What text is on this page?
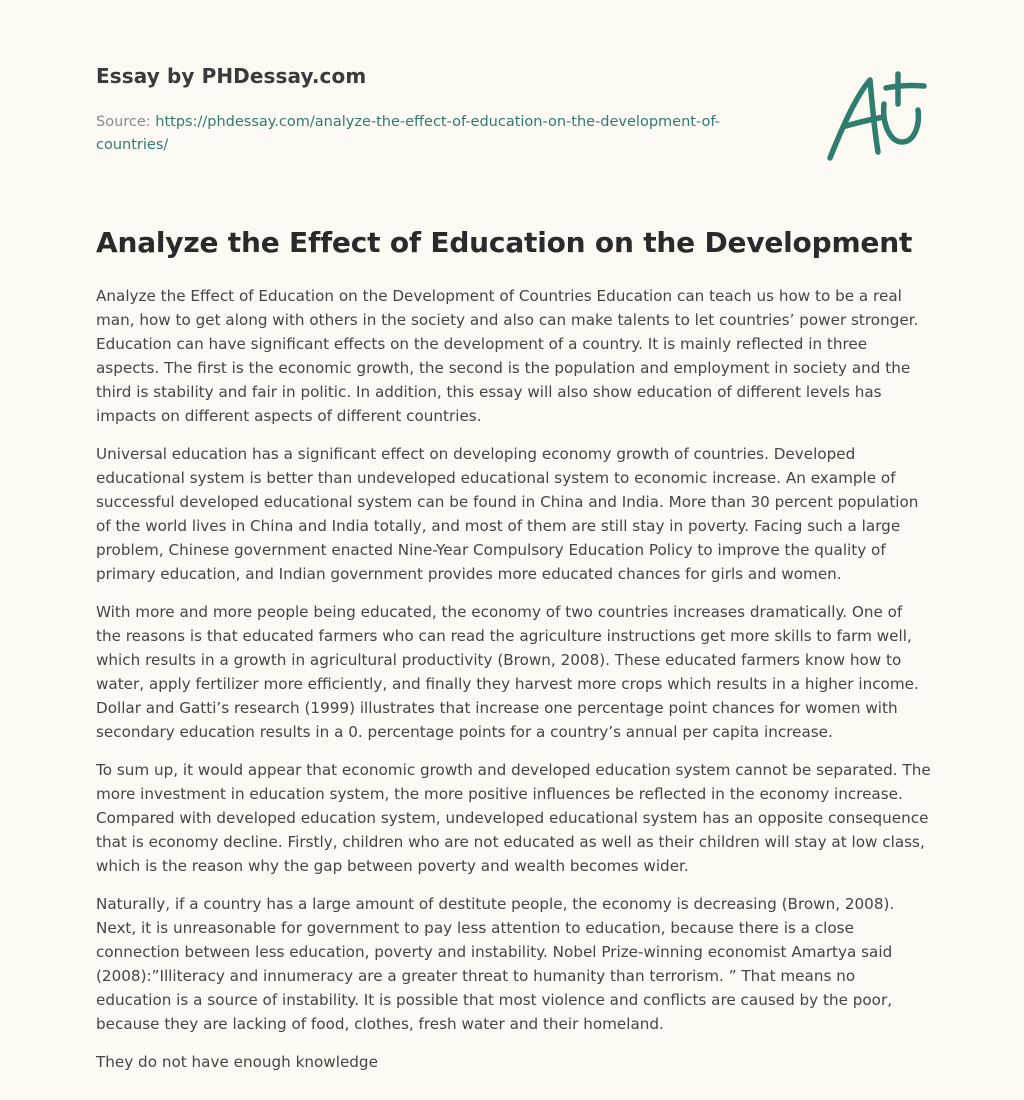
Essay by PHDessay.com
Source: https://phdessay.com/analyze-the-effect-of-education-on-the-development-of-countries/
Analyze the Effect of Education on the Development

Analyze the Effect of Education on the Development of Countries Education can teach us how to be a real man, how to get along with others in the society and also can make talents to let countries’ power stronger. Education can have significant effects on the development of a country. It is mainly reflected in three aspects. The first is the economic growth, the second is the population and employment in society and the third is stability and fair in politic. In addition, this essay will also show education of different levels has impacts on different aspects of different countries.

Universal education has a significant effect on developing economy growth of countries. Developed educational system is better than undeveloped educational system to economic increase. An example of successful developed educational system can be found in China and India. More than 30 percent population of the world lives in China and India totally, and most of them are still stay in poverty. Facing such a large problem, Chinese government enacted Nine-Year Compulsory Education Policy to improve the quality of primary education, and Indian government provides more educated chances for girls and women.

With more and more people being educated, the economy of two countries increases dramatically. One of the reasons is that educated farmers who can read the agriculture instructions get more skills to farm well, which results in a growth in agricultural productivity (Brown, 2008). These educated farmers know how to water, apply fertilizer more efficiently, and finally they harvest more crops which results in a higher income. Dollar and Gatti’s research (1999) illustrates that increase one percentage point chances for women with secondary education results in a 0. percentage points for a country’s annual per capita increase.

To sum up, it would appear that economic growth and developed education system cannot be separated. The more investment in education system, the more positive influences be reflected in the economy increase. Compared with developed education system, undeveloped educational system has an opposite consequence that is economy decline. Firstly, children who are not educated as well as their children will stay at low class, which is the reason why the gap between poverty and wealth becomes wider.

Naturally, if a country has a large amount of destitute people, the economy is decreasing (Brown, 2008). Next, it is unreasonable for government to pay less attention to education, because there is a close connection between less education, poverty and instability. Nobel Prize-winning economist Amartya said (2008):”Illiteracy and innumeracy are a greater threat to humanity than terrorism. ” That means no education is a source of instability. It is possible that most violence and conflicts are caused by the poor, because they are lacking of food, clothes, fresh water and their homeland.

They do not have enough knowledge
